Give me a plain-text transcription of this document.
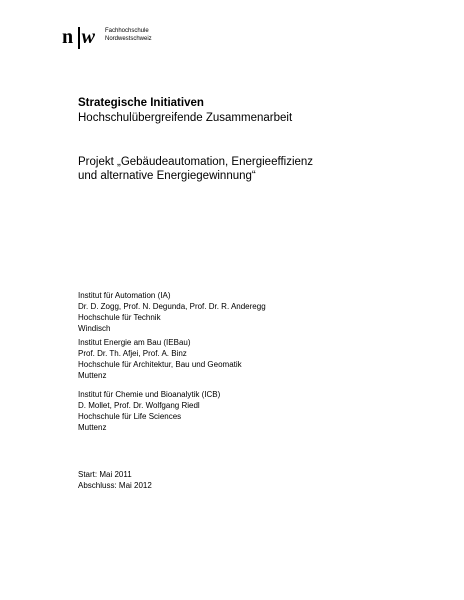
n w Fachhochschule
Nordwestschweiz
Strategische Initiativen
Hochschulübergreifende Zusammenarbeit
Projekt „Gebäudeautomation, Energieeffizienz
und alternative Energiegewinnung“
Institut für Automation (IA)
Dr. D. Zogg, Prof. N. Degunda, Prof. Dr. R. Anderegg
Hochschule für Technik
Windisch
Institut Energie am Bau (IEBau)
Prof. Dr. Th. Afjei, Prof. A. Binz
Hochschule für Architektur, Bau und Geomatik
Muttenz
Institut für Chemie und Bioanalytik (ICB)
D. Mollet, Prof. Dr. Wolfgang Riedl
Hochschule für Life Sciences
Muttenz
Start: Mai 2011
Abschluss: Mai 2012
